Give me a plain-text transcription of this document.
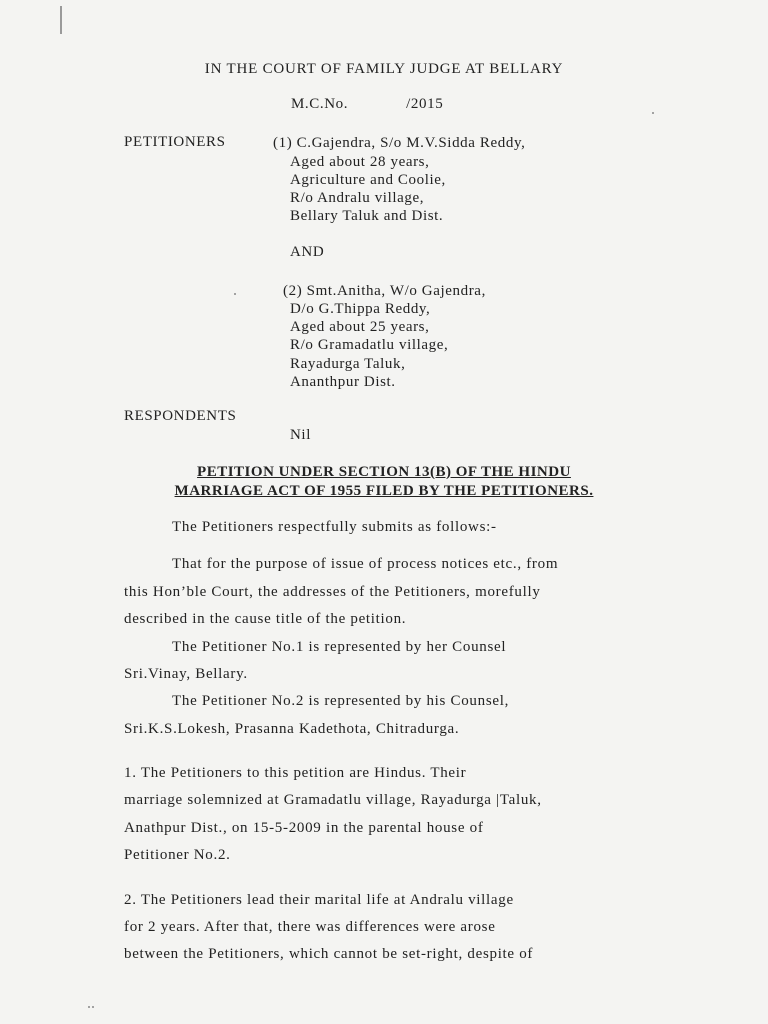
IN THE COURT OF FAMILY JUDGE AT BELLARY
M.C.No.	/2015
PETITIONERS	(1) C.Gajendra, S/o M.V.Sidda Reddy,
Aged about 28 years,
Agriculture and Coolie,
R/o Andralu village,
Bellary Taluk and Dist.
AND
(2) Smt.Anitha, W/o Gajendra,
D/o G.Thippa Reddy,
Aged about 25 years,
R/o Gramadatlu village,
Rayadurga Taluk,
Ananthpur Dist.
RESPONDENTS
Nil
PETITION UNDER SECTION 13(B) OF THE HINDU
MARRIAGE ACT OF 1955 FILED BY THE PETITIONERS.
The Petitioners respectfully submits as follows:-
That for the purpose of issue of process notices etc., from
this Hon’ble Court, the addresses of the Petitioners, morefully
described in the cause title of the petition.
The Petitioner No.1 is represented by her Counsel
Sri.Vinay, Bellary.
The Petitioner No.2 is represented by his Counsel,
Sri.K.S.Lokesh, Prasanna Kadethota, Chitradurga.
1. The Petitioners to this petition are Hindus. Their
marriage solemnized at Gramadatlu village, Rayadurga |Taluk,
Anathpur Dist., on 15-5-2009 in the parental house of
Petitioner No.2.
2. The Petitioners lead their marital life at Andralu village
for 2 years. After that, there was differences were arose
between the Petitioners, which cannot be set-right, despite of
